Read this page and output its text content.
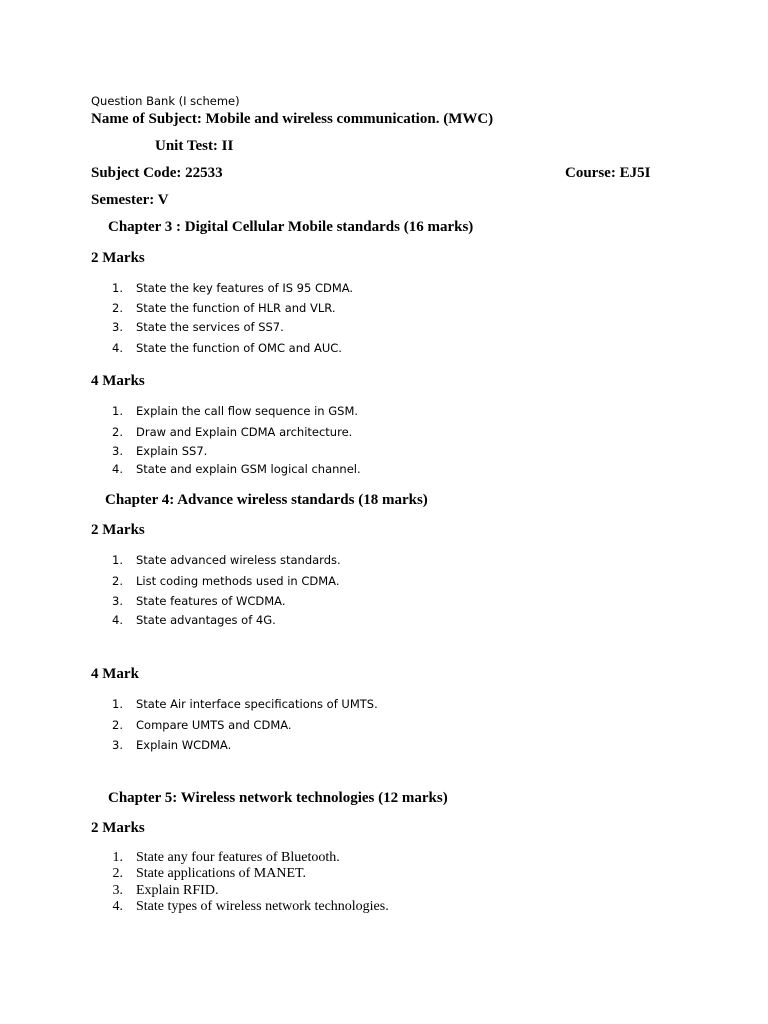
Question Bank (I scheme)
Name of Subject: Mobile and wireless communication. (MWC)
Unit Test: II
Subject Code: 22533	Course: EJ5I
Semester: V
Chapter 3 : Digital Cellular Mobile standards (16 marks)
2 Marks
1. State the key features of IS 95 CDMA.
2. State the function of HLR and VLR.
3. State the services of SS7.
4. State the function of OMC and AUC.
4 Marks
1. Explain the call flow sequence in GSM.
2. Draw and Explain CDMA architecture.
3. Explain SS7.
4. State and explain GSM logical channel.
Chapter 4: Advance wireless standards (18 marks)
2 Marks
1. State advanced wireless standards.
2. List coding methods used in CDMA.
3. State features of WCDMA.
4. State advantages of 4G.
4 Mark
1. State Air interface specifications of UMTS.
2. Compare UMTS and CDMA.
3. Explain WCDMA.
Chapter 5: Wireless network technologies (12 marks)
2 Marks
1. State any four features of Bluetooth.
2. State applications of MANET.
3. Explain RFID.
4. State types of wireless network technologies.
